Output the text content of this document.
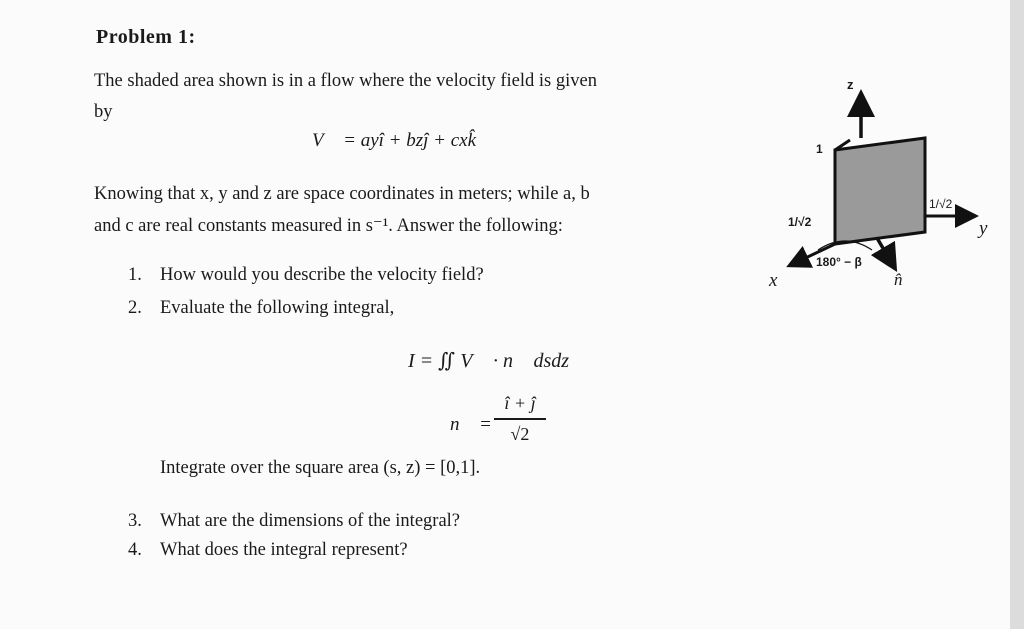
Problem 1:
The shaded area shown is in a flow where the velocity field is given
by
V⃗ = ayî + bzĵ + cxk̂
Knowing that x, y and z are space coordinates in meters; while a, b
and c are real constants measured in s⁻¹. Answer the following:
1. How would you describe the velocity field?
2. Evaluate the following integral,
I = ∬ V⃗ · n⃗ dsdz
n⃗ =
î + ĵ
√2
Integrate over the square area (s, z) = [0,1].
3. What are the dimensions of the integral?
4. What does the integral represent?
z
y
x	n̂
1
1/√2
1/√2
180° − β
